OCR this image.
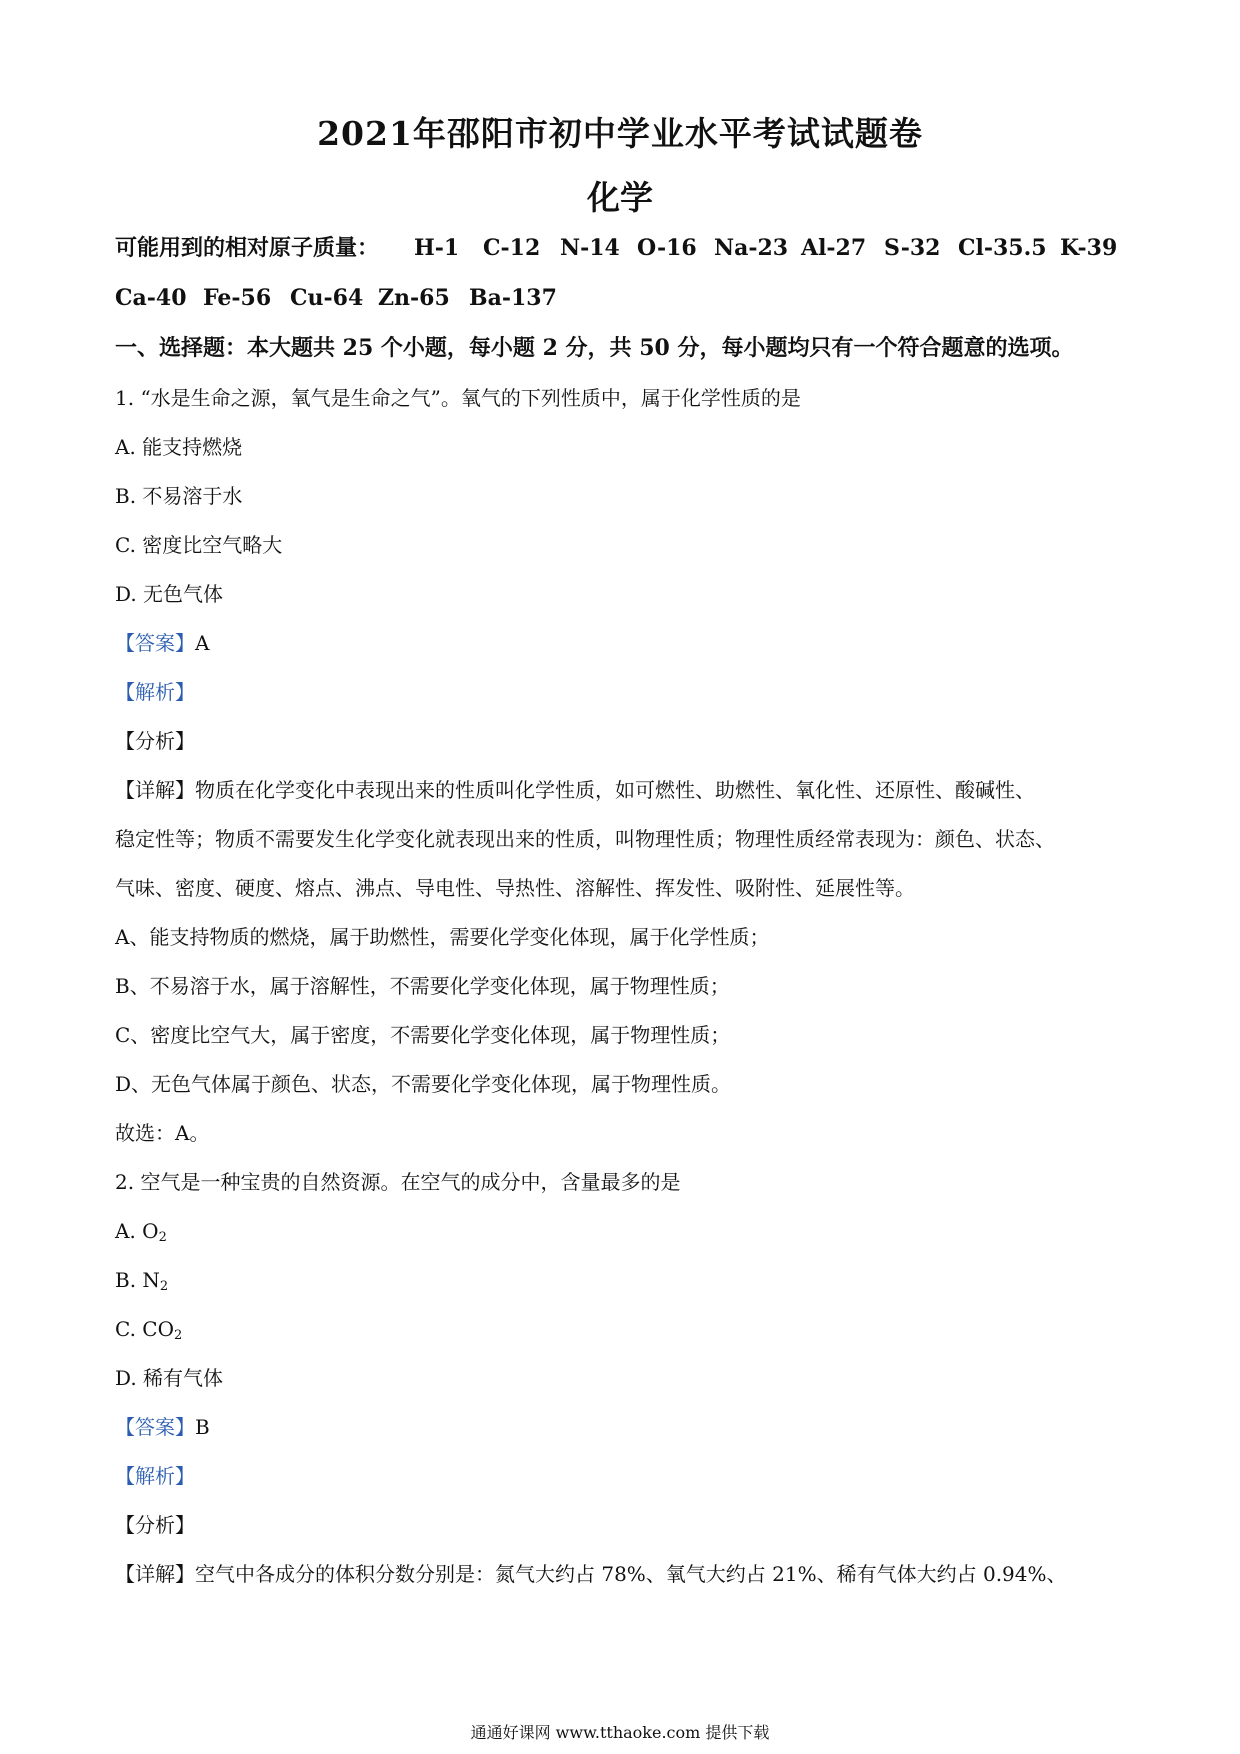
2021年邵阳市初中学业水平考试试题卷
化学
可能用到的相对原子质量： H-1 C-12 N-14 O-16 Na-23 Al-27 S-32 Cl-35.5 K-39
Ca-40 Fe-56 Cu-64 Zn-65 Ba-137
一、选择题：本大题共 25 个小题，每小题 2 分，共 50 分，每小题均只有一个符合题意的选项。
1. “水是生命之源，氧气是生命之气”。氧气的下列性质中，属于化学性质的是
A. 能支持燃烧
B. 不易溶于水
C. 密度比空气略大
D. 无色气体
【答案】A
【解析】
【分析】
【详解】物质在化学变化中表现出来的性质叫化学性质，如可燃性、助燃性、氧化性、还原性、酸碱性、
稳定性等；物质不需要发生化学变化就表现出来的性质，叫物理性质；物理性质经常表现为：颜色、状态、
气味、密度、硬度、熔点、沸点、导电性、导热性、溶解性、挥发性、吸附性、延展性等。
A、能支持物质的燃烧，属于助燃性，需要化学变化体现，属于化学性质；
B、不易溶于水，属于溶解性，不需要化学变化体现，属于物理性质；
C、密度比空气大，属于密度，不需要化学变化体现，属于物理性质；
D、无色气体属于颜色、状态，不需要化学变化体现，属于物理性质。
故选：A。
2. 空气是一种宝贵的自然资源。在空气的成分中，含量最多的是
A. $O_2$
B. $N_2$
C. $CO_2$
D. 稀有气体
【答案】B
【解析】
【分析】
【详解】空气中各成分的体积分数分别是：氮气大约占 78%、氧气大约占 21%、稀有气体大约占 0.94%、
通通好课网 www.tthaoke.com 提供下载
